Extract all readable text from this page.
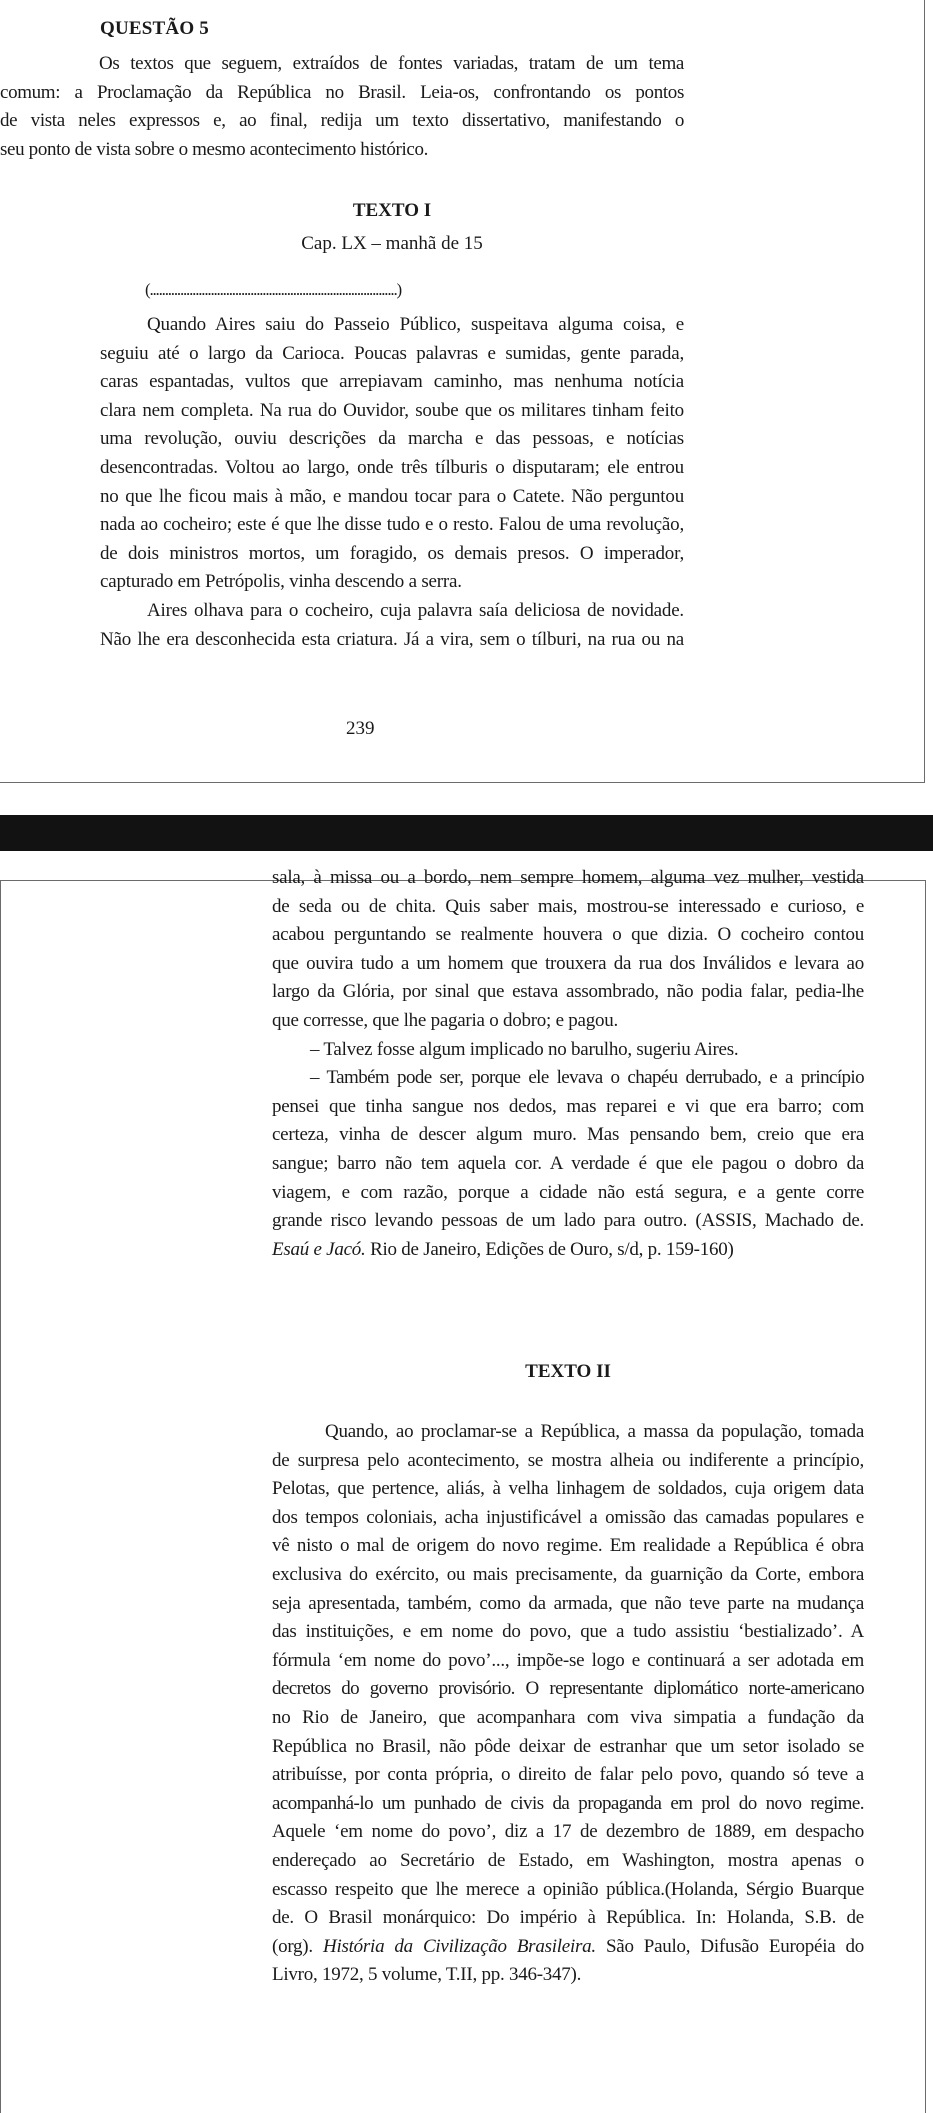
QUESTÃO 5
Os textos que seguem, extraídos de fontes variadas, tratam de um tema
comum: a Proclamação da República no Brasil. Leia-os, confrontando os pontos
de vista neles expressos e, ao final, redija um texto dissertativo, manifestando o
seu ponto de vista sobre o mesmo acontecimento histórico.
TEXTO I
Cap. LX – manhã de 15
(.................................................................................)
Quando Aires saiu do Passeio Público, suspeitava alguma coisa, e
seguiu até o largo da Carioca. Poucas palavras e sumidas, gente parada,
caras espantadas, vultos que arrepiavam caminho, mas nenhuma notícia
clara nem completa. Na rua do Ouvidor, soube que os militares tinham feito
uma revolução, ouviu descrições da marcha e das pessoas, e notícias
desencontradas. Voltou ao largo, onde três tílburis o disputaram; ele entrou
no que lhe ficou mais à mão, e mandou tocar para o Catete. Não perguntou
nada ao cocheiro; este é que lhe disse tudo e o resto. Falou de uma revolução,
de dois ministros mortos, um foragido, os demais presos. O imperador,
capturado em Petrópolis, vinha descendo a serra.
Aires olhava para o cocheiro, cuja palavra saía deliciosa de novidade.
Não lhe era desconhecida esta criatura. Já a vira, sem o tílburi, na rua ou na
239
sala, à missa ou a bordo, nem sempre homem, alguma vez mulher, vestida
de seda ou de chita. Quis saber mais, mostrou-se interessado e curioso, e
acabou perguntando se realmente houvera o que dizia. O cocheiro contou
que ouvira tudo a um homem que trouxera da rua dos Inválidos e levara ao
largo da Glória, por sinal que estava assombrado, não podia falar, pedia-lhe
que corresse, que lhe pagaria o dobro; e pagou.
– Talvez fosse algum implicado no barulho, sugeriu Aires.
– Também pode ser, porque ele levava o chapéu derrubado, e a princípio
pensei que tinha sangue nos dedos, mas reparei e vi que era barro; com
certeza, vinha de descer algum muro. Mas pensando bem, creio que era
sangue; barro não tem aquela cor. A verdade é que ele pagou o dobro da
viagem, e com razão, porque a cidade não está segura, e a gente corre
grande risco levando pessoas de um lado para outro. (ASSIS, Machado de.
Esaú e Jacó. Rio de Janeiro, Edições de Ouro, s/d, p. 159-160)
TEXTO II
Quando, ao proclamar-se a República, a massa da população, tomada
de surpresa pelo acontecimento, se mostra alheia ou indiferente a princípio,
Pelotas, que pertence, aliás, à velha linhagem de soldados, cuja origem data
dos tempos coloniais, acha injustificável a omissão das camadas populares e
vê nisto o mal de origem do novo regime. Em realidade a República é obra
exclusiva do exército, ou mais precisamente, da guarnição da Corte, embora
seja apresentada, também, como da armada, que não teve parte na mudança
das instituições, e em nome do povo, que a tudo assistiu ‘bestializado’. A
fórmula ‘em nome do povo’..., impõe-se logo e continuará a ser adotada em
decretos do governo provisório. O representante diplomático norte-americano
no Rio de Janeiro, que acompanhara com viva simpatia a fundação da
República no Brasil, não pôde deixar de estranhar que um setor isolado se
atribuísse, por conta própria, o direito de falar pelo povo, quando só teve a
acompanhá-lo um punhado de civis da propaganda em prol do novo regime.
Aquele ‘em nome do povo’, diz a 17 de dezembro de 1889, em despacho
endereçado ao Secretário de Estado, em Washington, mostra apenas o
escasso respeito que lhe merece a opinião pública.(Holanda, Sérgio Buarque
de. O Brasil monárquico: Do império à República. In: Holanda, S.B. de
(org). História da Civilização Brasileira. São Paulo, Difusão Européia do
Livro, 1972, 5 volume, T.II, pp. 346-347).
